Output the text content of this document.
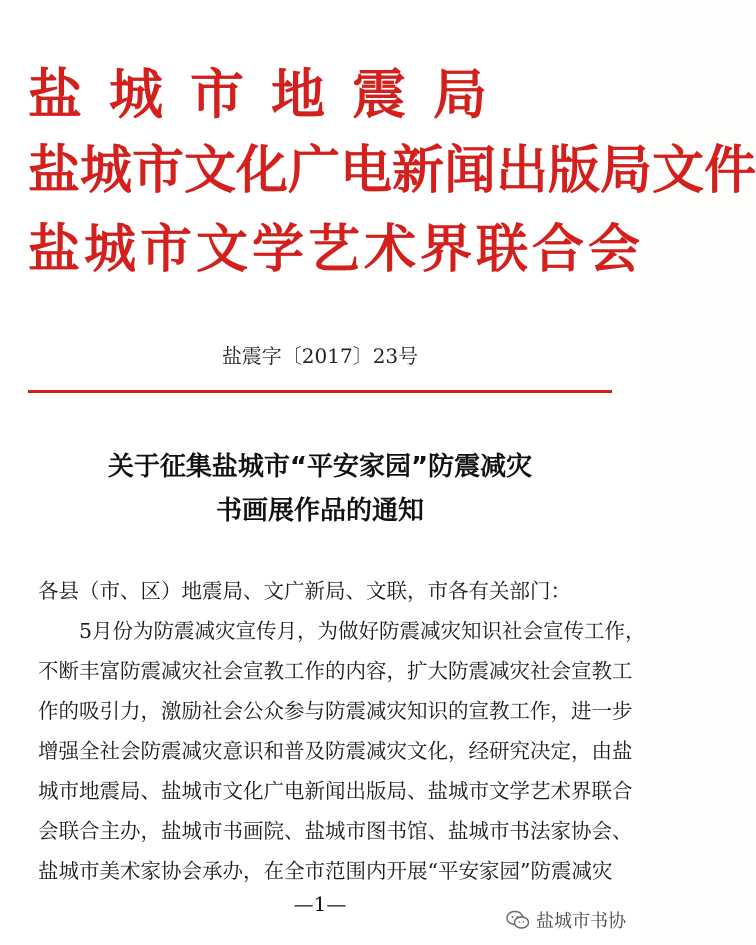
盐城市地震局
盐城市文化广电新闻出版局文件
盐城市文学艺术界联合会
盐震字〔2017〕23号
关于征集盐城市“平安家园”防震减灾
书画展作品的通知
各县（市、区）地震局、文广新局、文联，市各有关部门：
　　5月份为防震减灾宣传月，为做好防震减灾知识社会宣传工作，
不断丰富防震减灾社会宣教工作的内容，扩大防震减灾社会宣教工
作的吸引力，激励社会公众参与防震减灾知识的宣教工作，进一步
增强全社会防震减灾意识和普及防震减灾文化，经研究决定，由盐
城市地震局、盐城市文化广电新闻出版局、盐城市文学艺术界联合
会联合主办，盐城市书画院、盐城市图书馆、盐城市书法家协会、
盐城市美术家协会承办，在全市范围内开展“平安家园”防震减灾
—1—
盐城市书协
